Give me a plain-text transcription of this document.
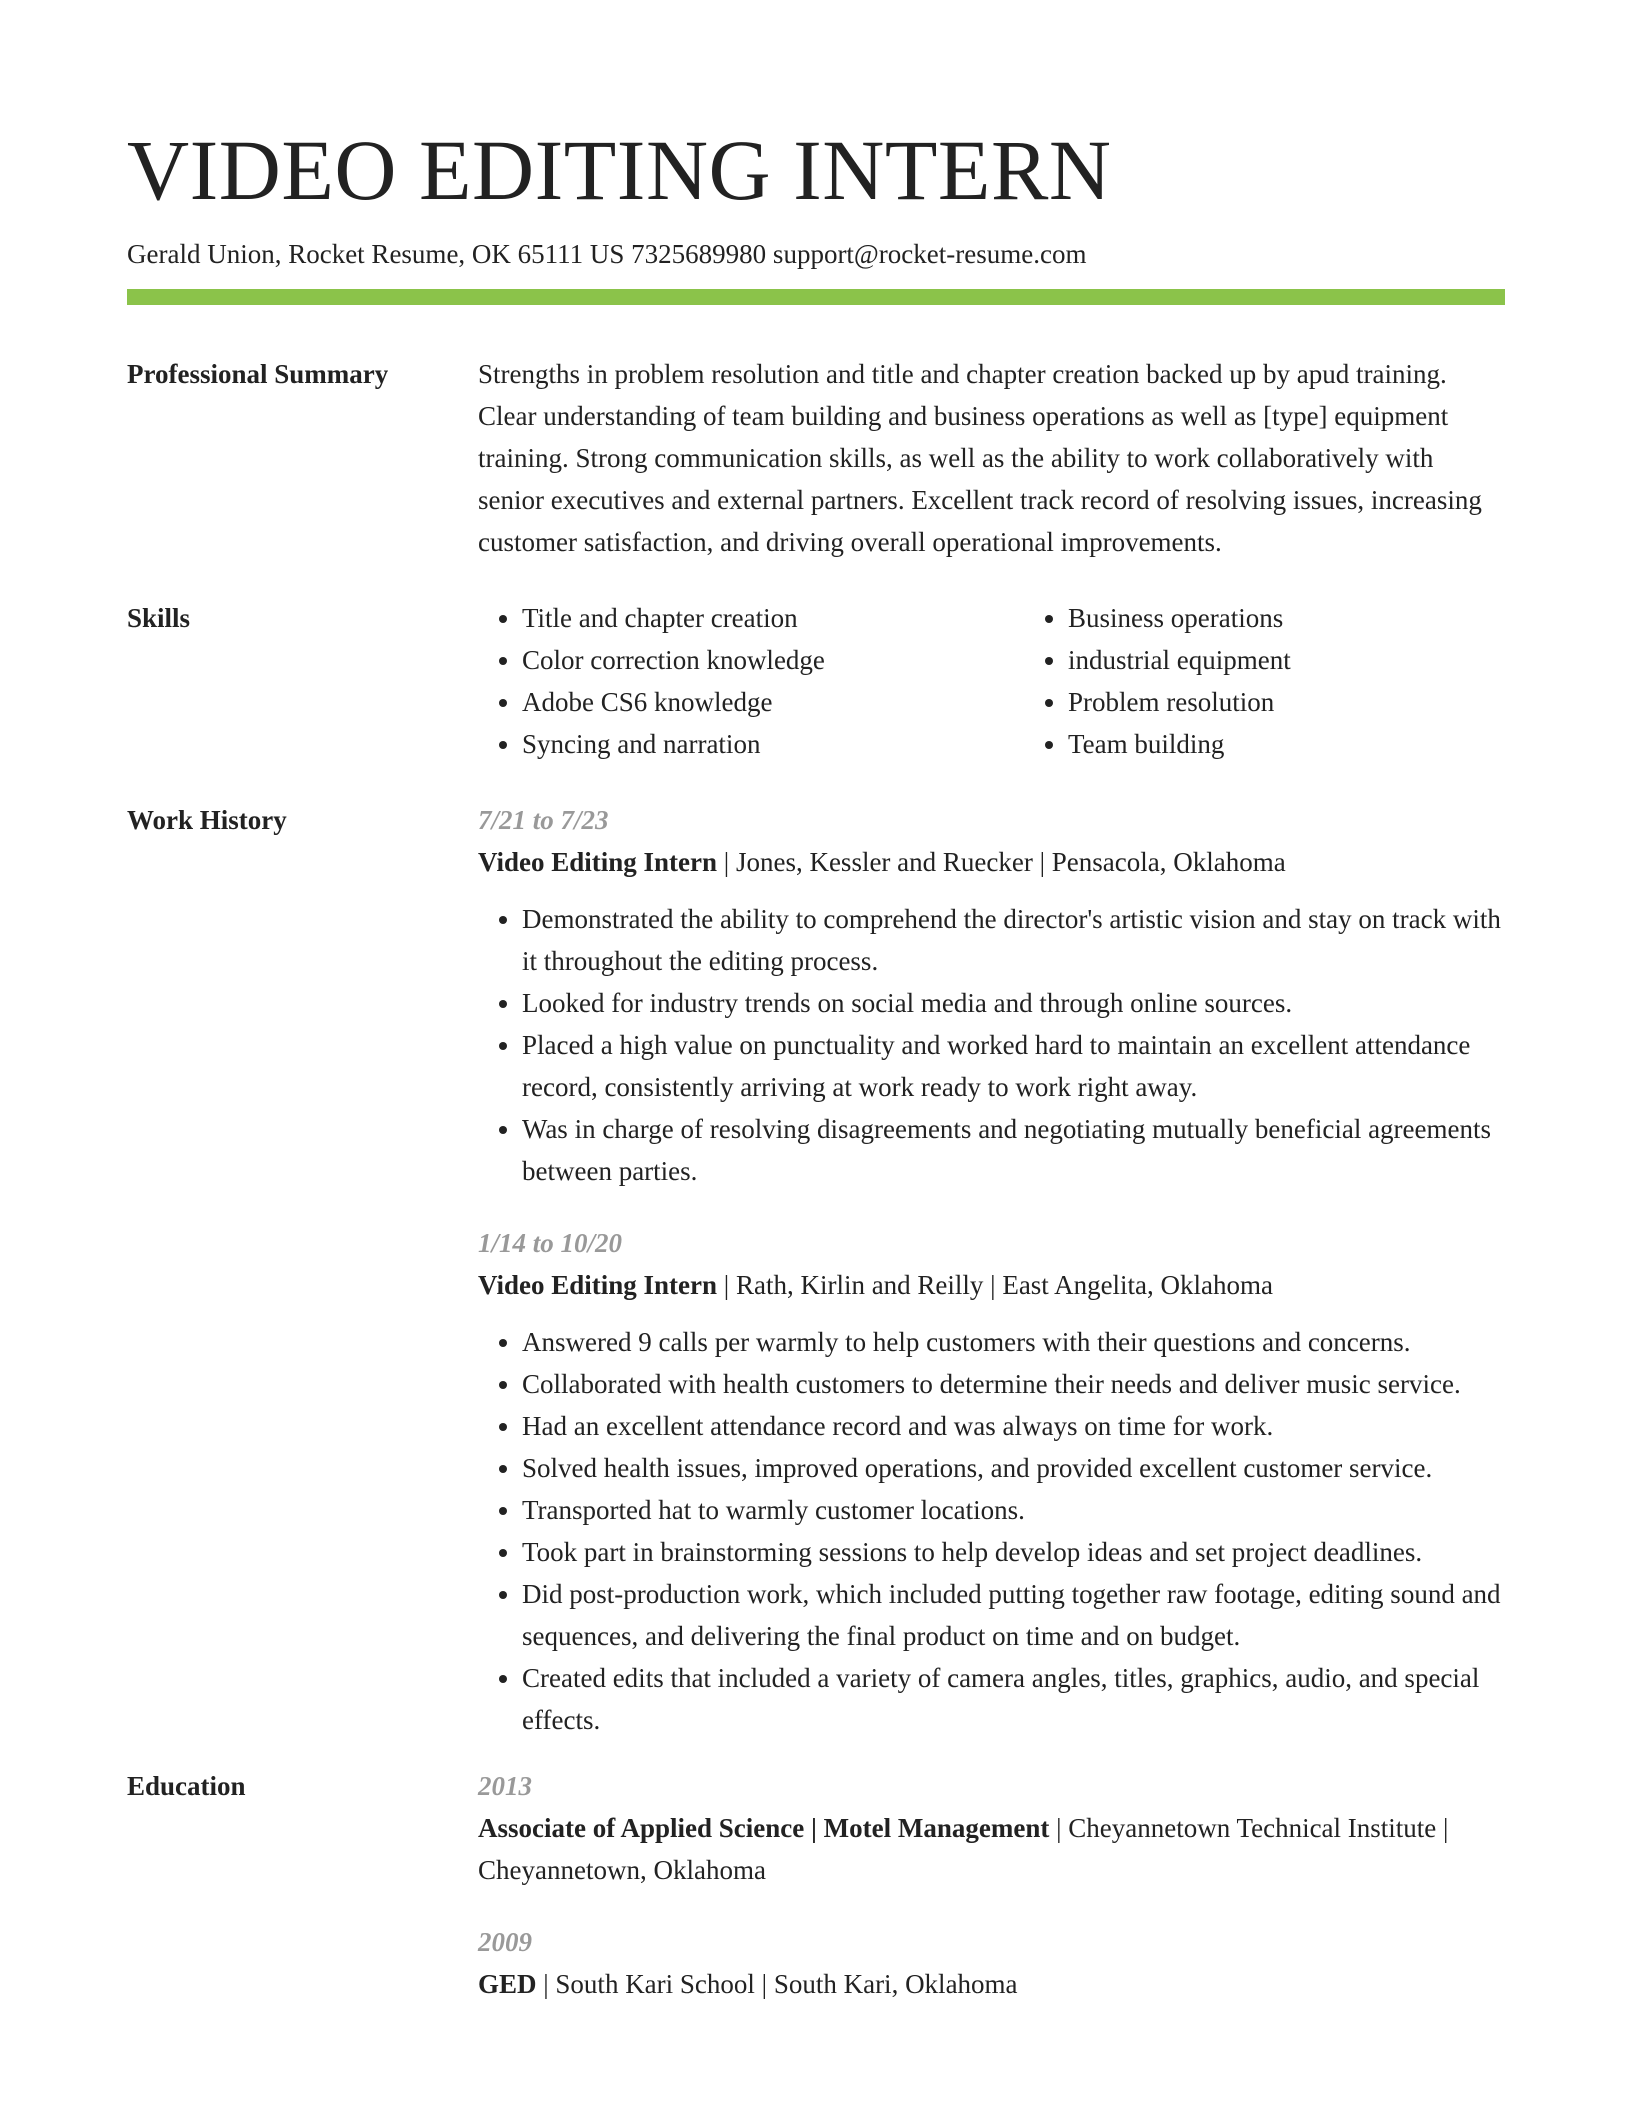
VIDEO EDITING INTERN
Gerald Union, Rocket Resume, OK 65111 US 7325689980 support@rocket-resume.com
Professional Summary	Strengths in problem resolution and title and chapter creation backed up by apud training. Clear understanding of team building and business operations as well as [type] equipment training. Strong communication skills, as well as the ability to work collaboratively with senior executives and external partners. Excellent track record of resolving issues, increasing customer satisfaction, and driving overall operational improvements.

Skills
•	Title and chapter creation
• Color correction knowledge
• Adobe CS6 knowledge
• Syncing and narration
• Business operations
• industrial equipment
• Problem resolution
• Team building
Work History	7/21 to 7/23
Video Editing Intern | Jones, Kessler and Ruecker | Pensacola, Oklahoma
• Demonstrated the ability to comprehend the director's artistic vision and stay on track with it throughout the editing process.
• Looked for industry trends on social media and through online sources.
• Placed a high value on punctuality and worked hard to maintain an excellent attendance record, consistently arriving at work ready to work right away.
• Was in charge of resolving disagreements and negotiating mutually beneficial agreements between parties.
1/14 to 10/20
Video Editing Intern | Rath, Kirlin and Reilly | East Angelita, Oklahoma
• Answered 9 calls per warmly to help customers with their questions and concerns.
• Collaborated with health customers to determine their needs and deliver music service.
• Had an excellent attendance record and was always on time for work.
• Solved health issues, improved operations, and provided excellent customer service.
• Transported hat to warmly customer locations.
• Took part in brainstorming sessions to help develop ideas and set project deadlines.
• Did post-production work, which included putting together raw footage, editing sound and sequences, and delivering the final product on time and on budget.
• Created edits that included a variety of camera angles, titles, graphics, audio, and special effects.
Education	2013
Associate of Applied Science | Motel Management | Cheyannetown Technical Institute | Cheyannetown, Oklahoma
2009
GED | South Kari School | South Kari, Oklahoma
